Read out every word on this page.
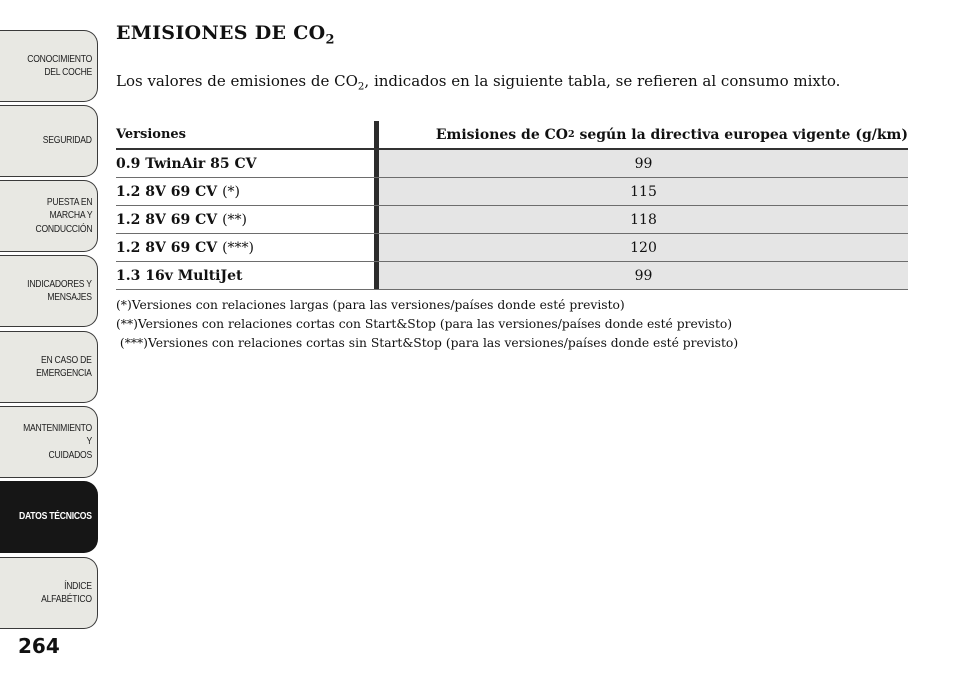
CONOCIMIENTO
DEL COCHE
SEGURIDAD
PUESTA EN
MARCHA Y
CONDUCCIÓN
INDICADORES Y
MENSAJES
EN CASO DE
EMERGENCIA
MANTENIMIENTO Y
CUIDADOS
DATOS TÉCNICOS
ÍNDICE
ALFABÉTICO
264
EMISIONES DE $CO_2$

Los valores de emisiones de $CO_2$, indicados en la siguiente tabla, se refieren al consumo mixto.

Versiones	Emisiones de CO 2 según la directiva europea vigente (g/km)
0.9 TwinAir 85 CV	99
1.2 8V 69 CV (*)	115
1.2 8V 69 CV (**)	118
1.2 8V 69 CV (***)	120
1.3 16v MultiJet	99
(*)Versiones con relaciones largas (para las versiones/países donde esté previsto)
(**)Versiones con relaciones cortas con Start&Stop (para las versiones/países donde esté previsto)
(***)Versiones con relaciones cortas sin Start&Stop (para las versiones/países donde esté previsto)
